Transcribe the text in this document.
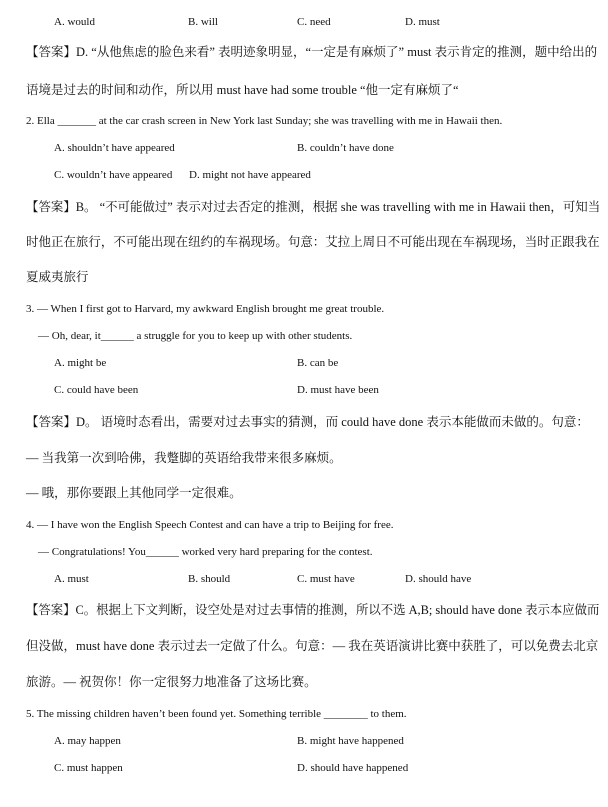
A. would	B. will	C. need	D. must
【答案】D. “从他焦虑的脸色来看” 表明迹象明显，“一定是有麻烦了” must 表示肯定的推测，题中给出的
语境是过去的时间和动作，所以用 must have had some trouble “他一定有麻烦了“
2. Ella _______ at the car crash screen in New York last Sunday; she was travelling with me in Hawaii then.
A. shouldn’t have appeared	B. couldn’t have done
C. wouldn’t have appeared D. might not have appeared
【答案】B。 “不可能做过” 表示对过去否定的推测，根据 she was travelling with me in Hawaii then，可知当
时他正在旅行，不可能出现在纽约的车祸现场。句意：艾拉上周日不可能出现在车祸现场，当时正跟我在
夏威夷旅行
3. — When I first got to Harvard, my awkward English brought me great trouble.
— Oh, dear, it______ a struggle for you to keep up with other students.
A. might be	B. can be
C. could have been	D. must have been
【答案】D。 语境时态看出，需要对过去事实的猜测，而 could have done 表示本能做而未做的。句意：
— 当我第一次到哈佛，我蹩脚的英语给我带来很多麻烦。
— 哦，那你要跟上其他同学一定很难。
4. — I have won the English Speech Contest and can have a trip to Beijing for free.
— Congratulations! You______ worked very hard preparing for the contest.
A. must	B. should	C. must have	D. should have
【答案】C。根据上下文判断，设空处是对过去事情的推测，所以不选 A,B; should have done 表示本应做而
但没做，must have done 表示过去一定做了什么。句意：— 我在英语演讲比赛中获胜了，可以免费去北京
旅游。— 祝贺你！你一定很努力地准备了这场比赛。
5. The missing children haven’t been found yet. Something terrible ________ to them.
A. may happen	B. might have happened
C. must happen	D. should have happened
